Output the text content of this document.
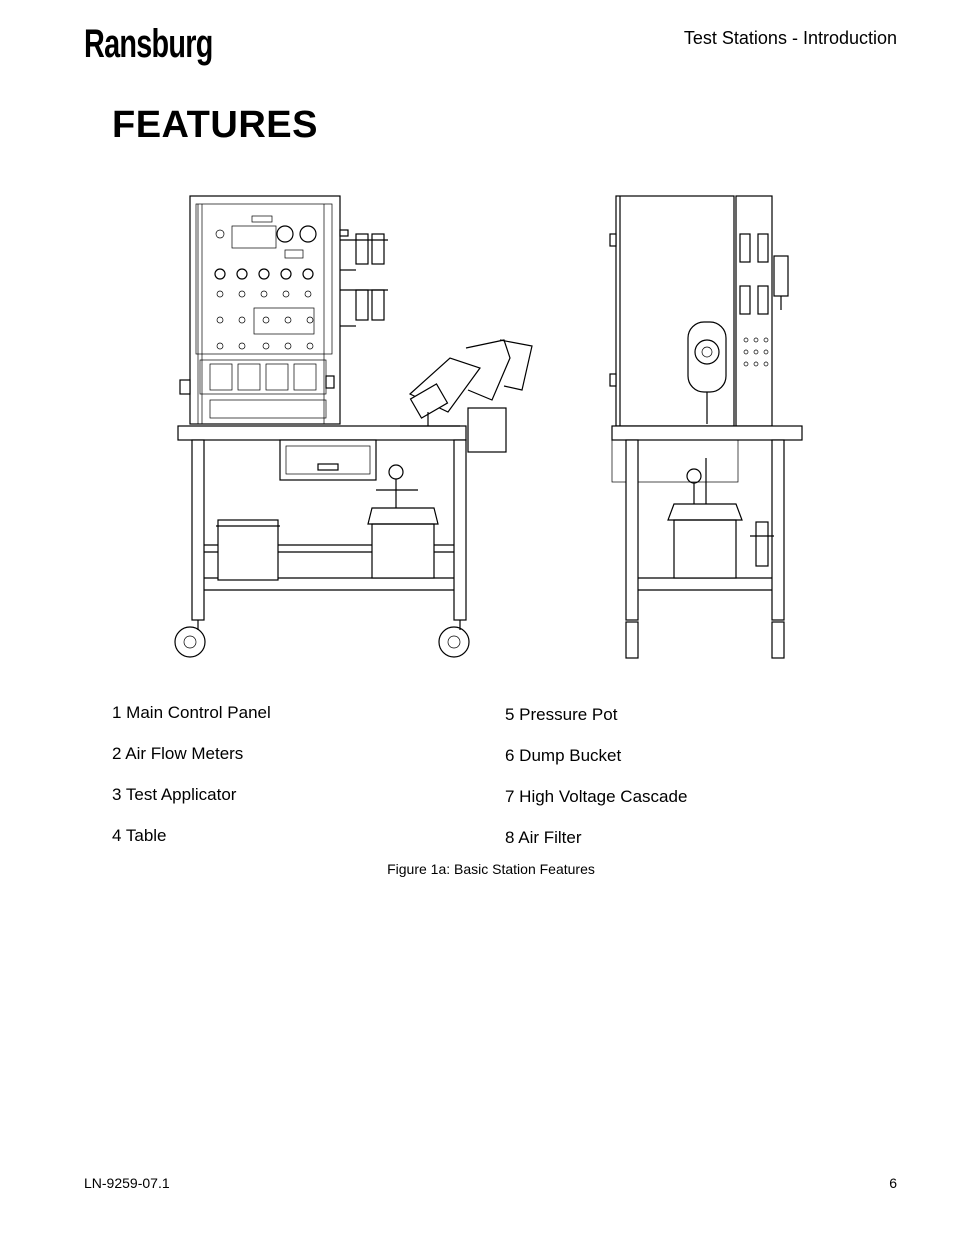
Ransburg	Test Stations - Introduction
FEATURES
1 Main Control Panel
2 Air Flow Meters
3 Test Applicator
4 Table
5 Pressure Pot
6 Dump Bucket
7 High Voltage Cascade
8 Air Filter
Figure 1a: Basic Station Features
LN-9259-07.1	6
